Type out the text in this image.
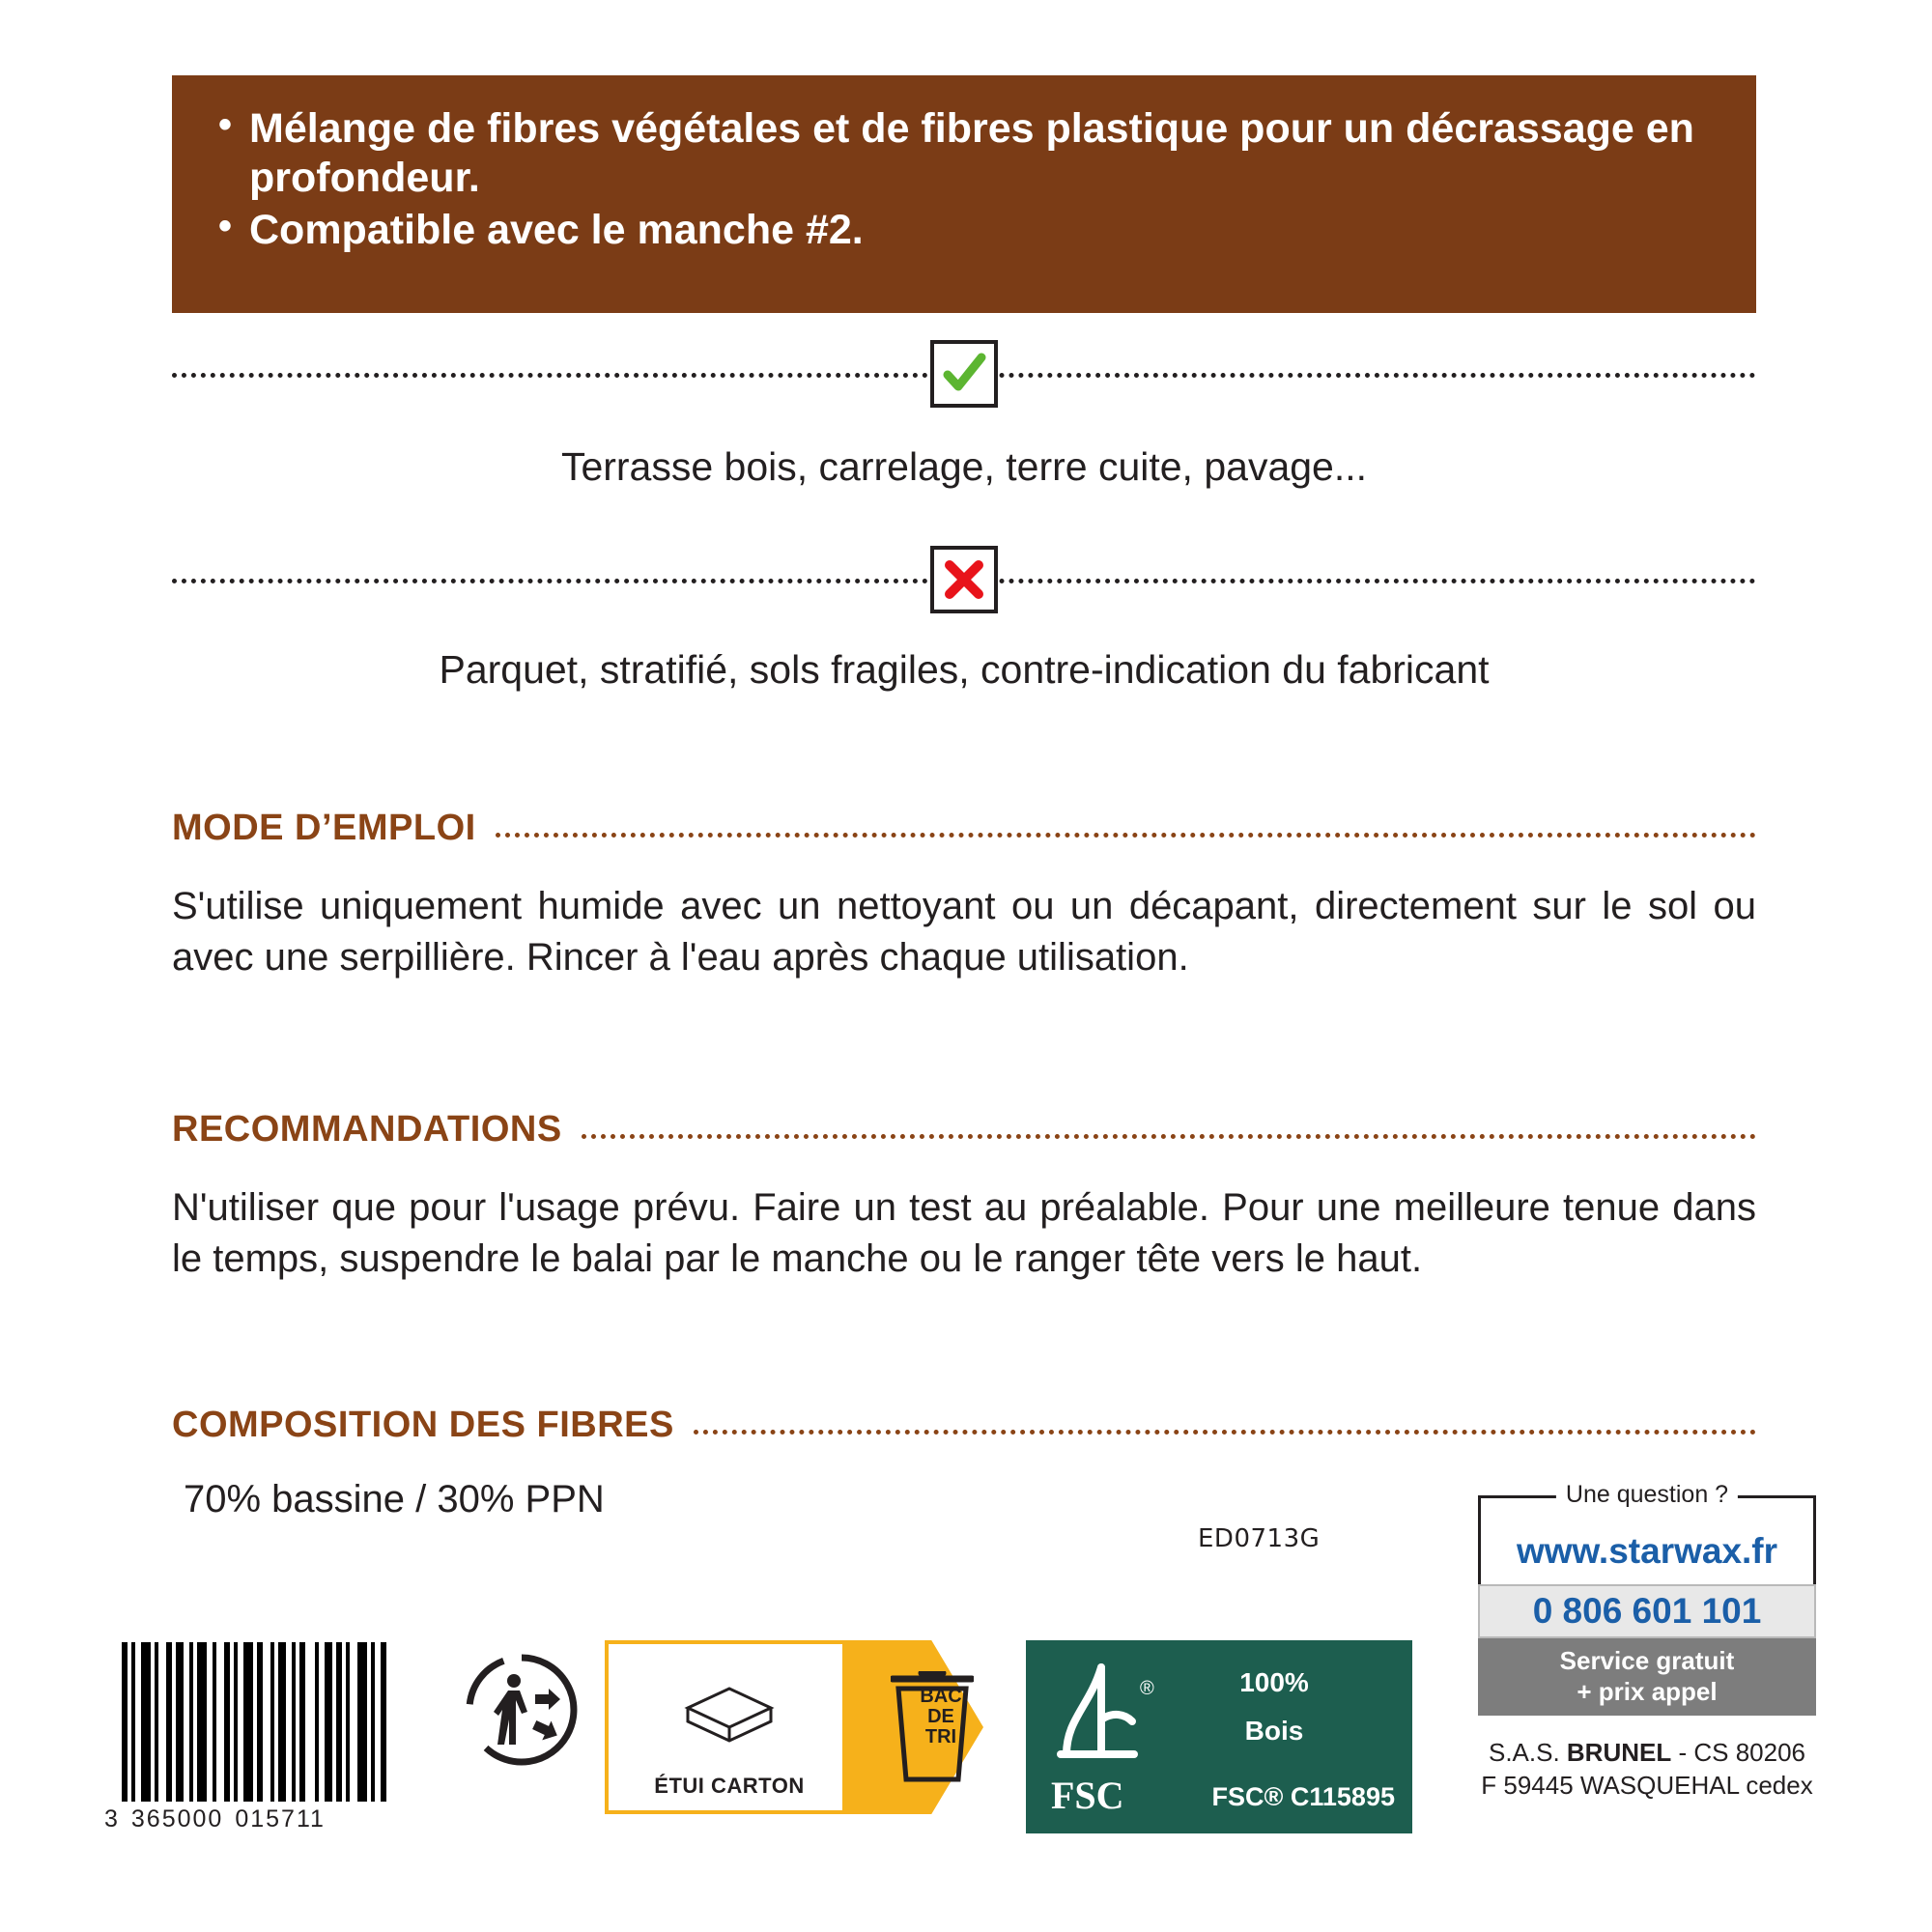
• Mélange de fibres végétales et de fibres plastique pour un décrassage en profondeur.
• Compatible avec le manche #2.
Terrasse bois, carrelage, terre cuite, pavage...
Parquet, stratifié, sols fragiles, contre-indication du fabricant
MODE D’EMPLOI
S'utilise uniquement humide avec un nettoyant ou un décapant, directement sur le sol ou avec une serpillière. Rincer à l'eau après chaque utilisation.
RECOMMANDATIONS
N'utiliser que pour l'usage prévu. Faire un test au préalable. Pour une meilleure tenue dans le temps, suspendre le balai par le manche ou le ranger tête vers le haut.
COMPOSITION DES FIBRES
70% bassine / 30% PPN
ED0713G
3 365000 015711
ÉTUI CARTON
BAC
DE
TRI
®
FSC
100%
Bois
FSC® C115895
Une question ?
www.starwax.fr
0 806 601 101
Service gratuit
+ prix appel
S.A.S. BRUNEL - CS 80206
F 59445 WASQUEHAL cedex
